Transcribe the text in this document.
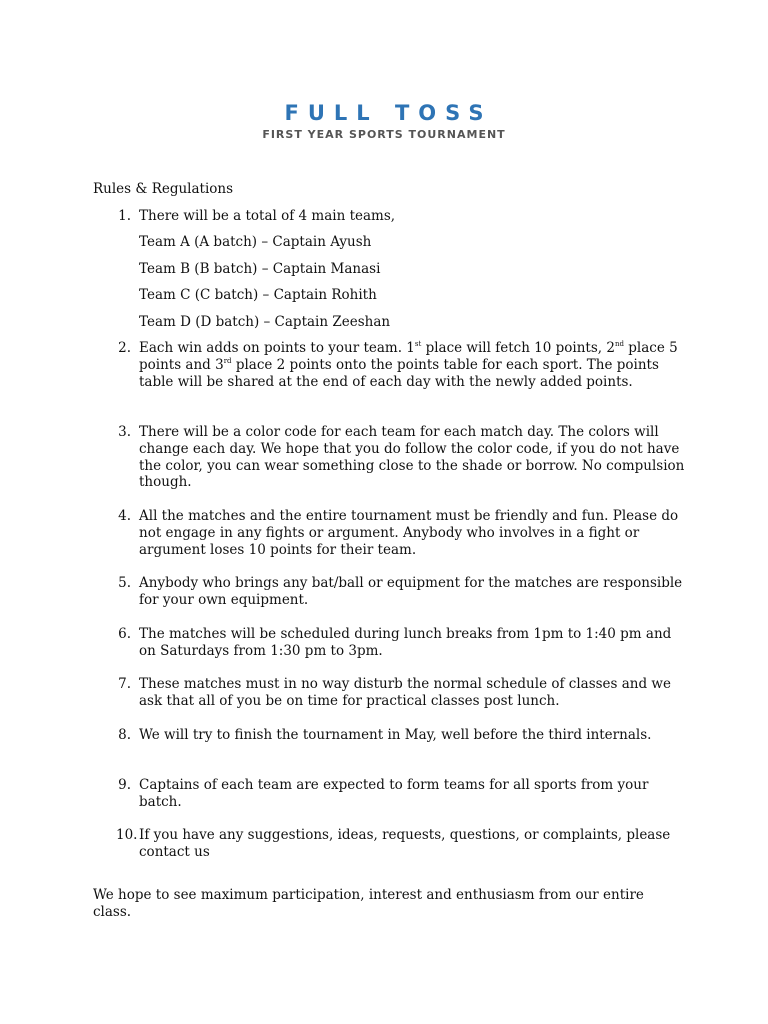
FULL TOSS
FIRST YEAR SPORTS TOURNAMENT
Rules & Regulations
1. There will be a total of 4 main teams,
Team A (A batch) – Captain Ayush
Team B (B batch) – Captain Manasi
Team C (C batch) – Captain Rohith
Team D (D batch) – Captain Zeeshan
2. Each win adds on points to your team. 1st place will fetch 10 points, 2nd place 5 points and 3rd place 2 points onto the points table for each sport. The points table will be shared at the end of each day with the newly added points.
3. There will be a color code for each team for each match day. The colors will change each day. We hope that you do follow the color code, if you do not have the color, you can wear something close to the shade or borrow. No compulsion though.
4. All the matches and the entire tournament must be friendly and fun. Please do not engage in any fights or argument. Anybody who involves in a fight or argument loses 10 points for their team.
5. Anybody who brings any bat/ball or equipment for the matches are responsible for your own equipment.
6. The matches will be scheduled during lunch breaks from 1pm to 1:40 pm and on Saturdays from 1:30 pm to 3pm.
7. These matches must in no way disturb the normal schedule of classes and we ask that all of you be on time for practical classes post lunch.
8. We will try to finish the tournament in May, well before the third internals.
9. Captains of each team are expected to form teams for all sports from your batch.
10. If you have any suggestions, ideas, requests, questions, or complaints, please contact us
We hope to see maximum participation, interest and enthusiasm from our entire class.
